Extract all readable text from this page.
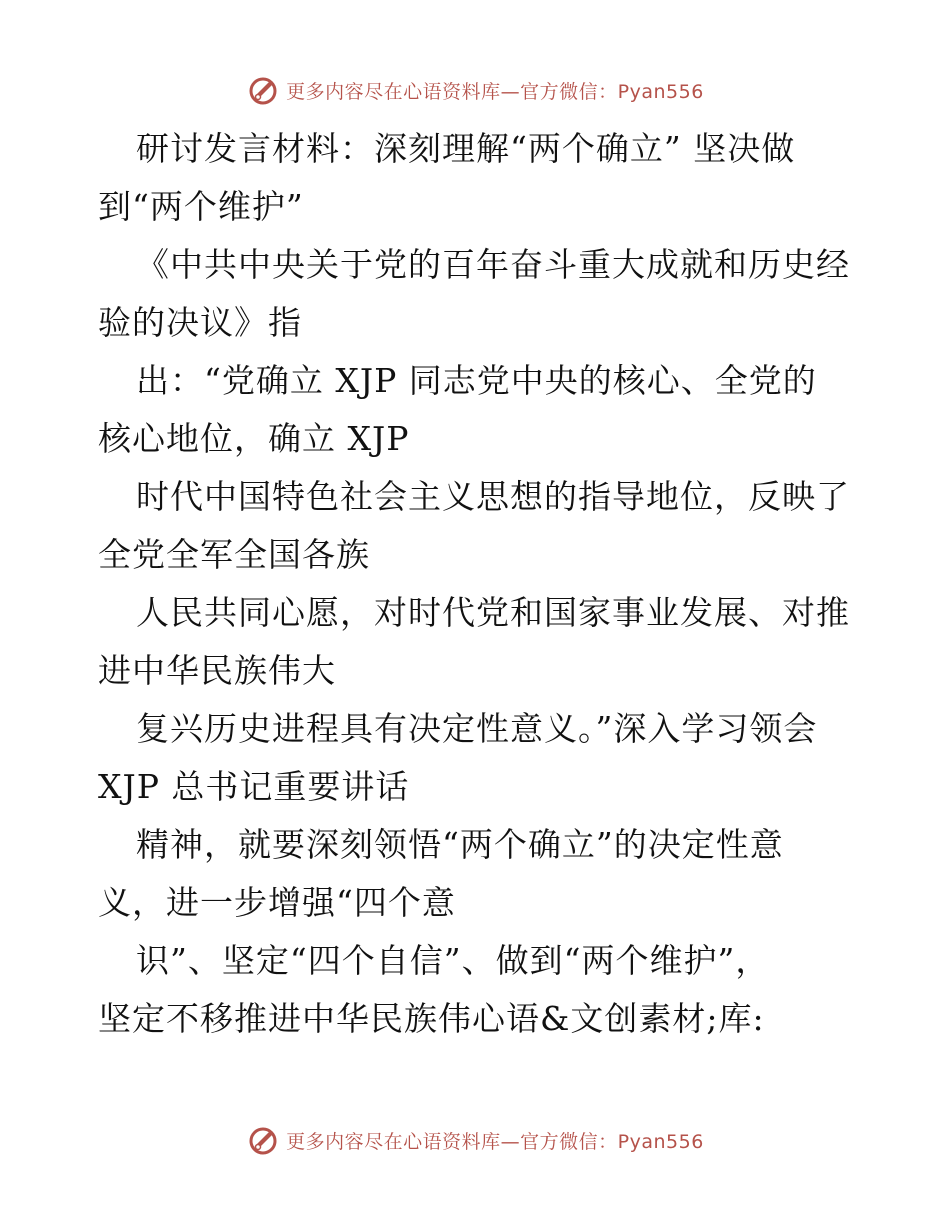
更多内容尽在心语资料库—官方微信：Pyan556
研讨发言材料：深刻理解“两个确立” 坚决做
到“两个维护”
《中共中央关于党的百年奋斗重大成就和历史经
验的决议》指
出：“党确立 XJP 同志党中央的核心、全党的
核心地位，确立 XJP
时代中国特色社会主义思想的指导地位，反映了
全党全军全国各族
人民共同心愿，对时代党和国家事业发展、对推
进中华民族伟大
复兴历史进程具有决定性意义。”深入学习领会
XJP 总书记重要讲话
精神，就要深刻领悟“两个确立”的决定性意
义，进一步增强“四个意
识”、坚定“四个自信”、做到“两个维护”，
坚定不移推进中华民族伟心语&文创素材;库:
更多内容尽在心语资料库—官方微信：Pyan556
